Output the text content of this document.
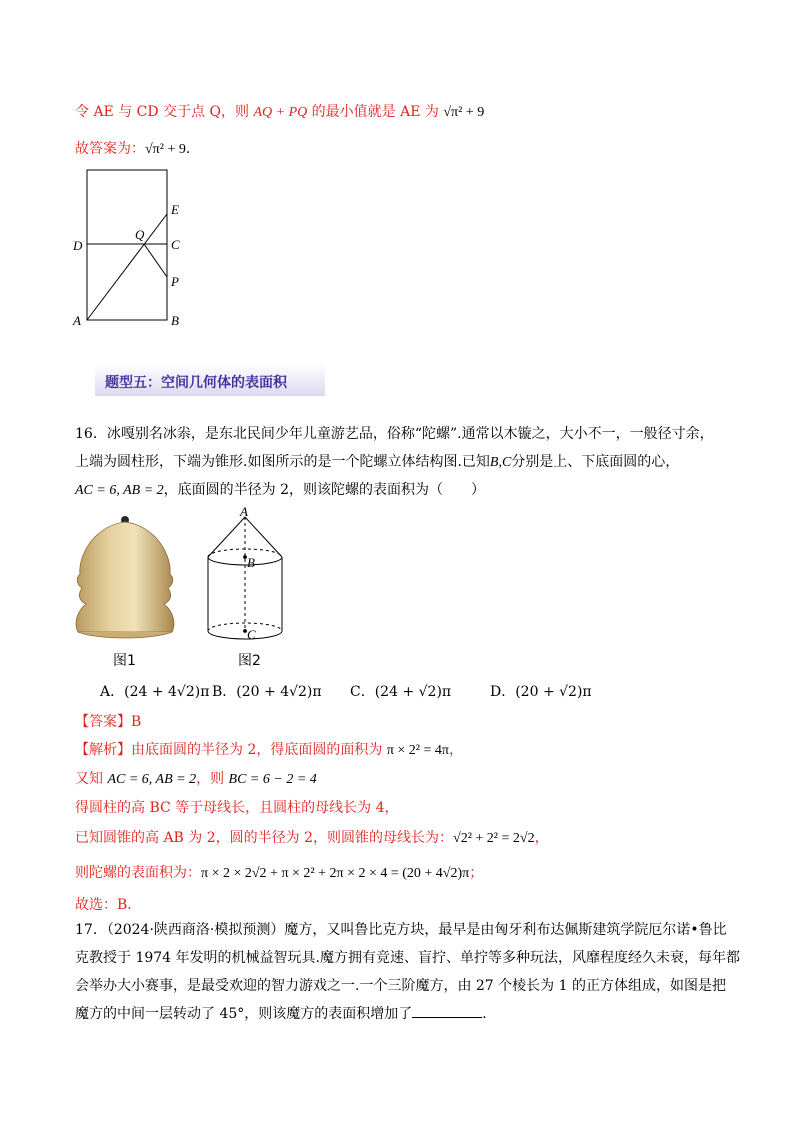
令 AE 与 CD 交于点 Q，则 AQ + PQ 的最小值就是 AE 为 √π² + 9
故答案为：√π² + 9.
E
D
Q
C
P
A	B
题型五：空间几何体的表面积
16．冰嘎别名冰尜，是东北民间少年儿童游艺品，俗称“陀螺”.通常以木镟之，大小不一，一般径寸余，
上端为圆柱形，下端为锥形.如图所示的是一个陀螺立体结构图.已知B,C分别是上、下底面圆的心，
AC = 6, AB = 2，底面圆的半径为 2，则该陀螺的表面积为（　　）
图1
A
B
C
图2
A．(24 + 4√2)π B．(20 + 4√2)π C．(24 + √2)π	D．(20 + √2)π
【答案】B
【解析】由底面圆的半径为 2，得底面圆的面积为 π × 2² = 4π，
又知 AC = 6, AB = 2，则 BC = 6 − 2 = 4
得圆柱的高 BC 等于母线长，且圆柱的母线长为 4，
已知圆锥的高 AB 为 2，圆的半径为 2，则圆锥的母线长为：√2² + 2² = 2√2，
则陀螺的表面积为：π × 2 × 2√2 + π × 2² + 2π × 2 × 4 = (20 + 4√2)π；
故选：B.
17．（2024·陕西商洛·模拟预测）魔方，又叫鲁比克方块，最早是由匈牙利布达佩斯建筑学院厄尔诺•鲁比
克教授于 1974 年发明的机械益智玩具.魔方拥有竞速、盲拧、单拧等多种玩法，风靡程度经久未衰，每年都
会举办大小赛事，是最受欢迎的智力游戏之一.一个三阶魔方，由 27 个棱长为 1 的正方体组成，如图是把
魔方的中间一层转动了 45°，则该魔方的表面积增加了	.
